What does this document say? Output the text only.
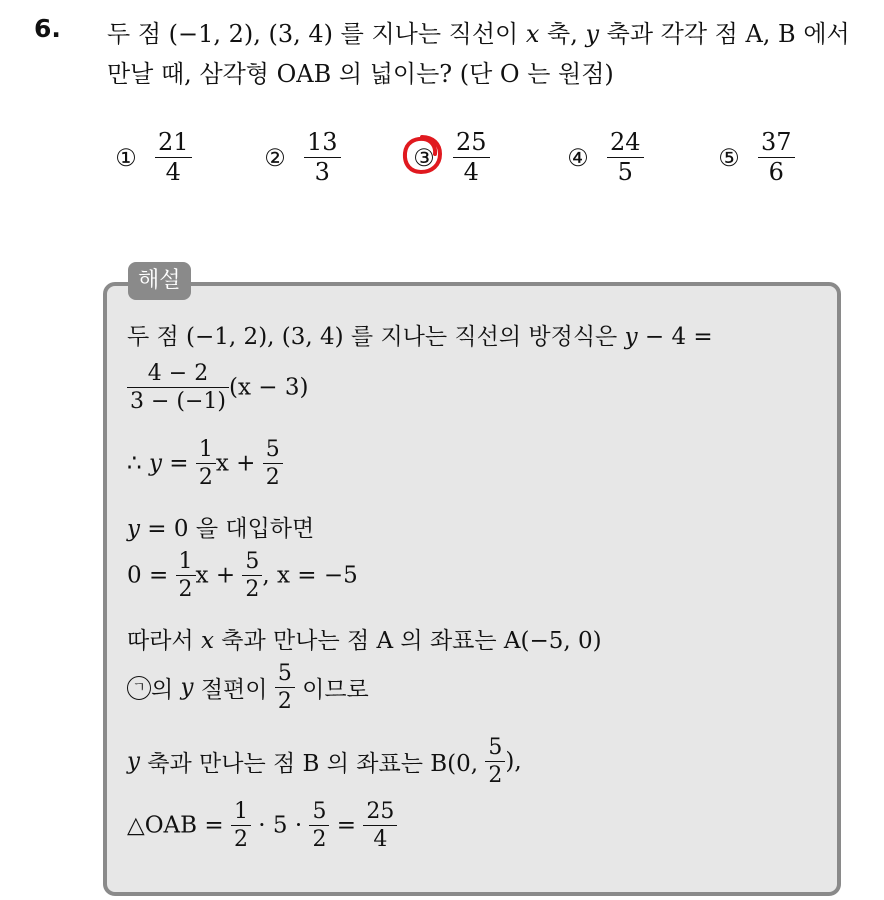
6. 두 점 (−1, 2), (3, 4) 를 지나는 직선이 x 축, y 축과 각각 점 A, B 에서
만날 때, 삼각형 OAB 의 넓이는? (단 O 는 원점)
① $\frac{21}{4}$	② $\frac{13}{3}$	③ $\frac{25}{4}$	④ $\frac{24}{5}$	⑤ $\frac{37}{6}$
해설
두 점 (−1, 2), (3, 4) 를 지나는 직선의 방정식은 y − 4 =
$\frac{4 - 2}{3 - (-1)} (x - 3)$
∴ $y = \frac{1}{2}$ $x + \frac{5}{2}$
y = 0 을 대입하면
$0 = \frac{1}{2}$ $x + \frac{5}{2}$ , x = −5
따라서 x 축과 만나는 점 A 의 좌표는 A(−5, 0)
ㄱ 의 y 절편이 $\frac{5}{2}$ 이므로
y 축과 만나는 점 B 의 좌표는 B(0, $\frac{5}{2}$ ),
△OAB = $\frac{1}{2} \cdot 5 \cdot \frac{5}{2} = \frac{25}{4}$
